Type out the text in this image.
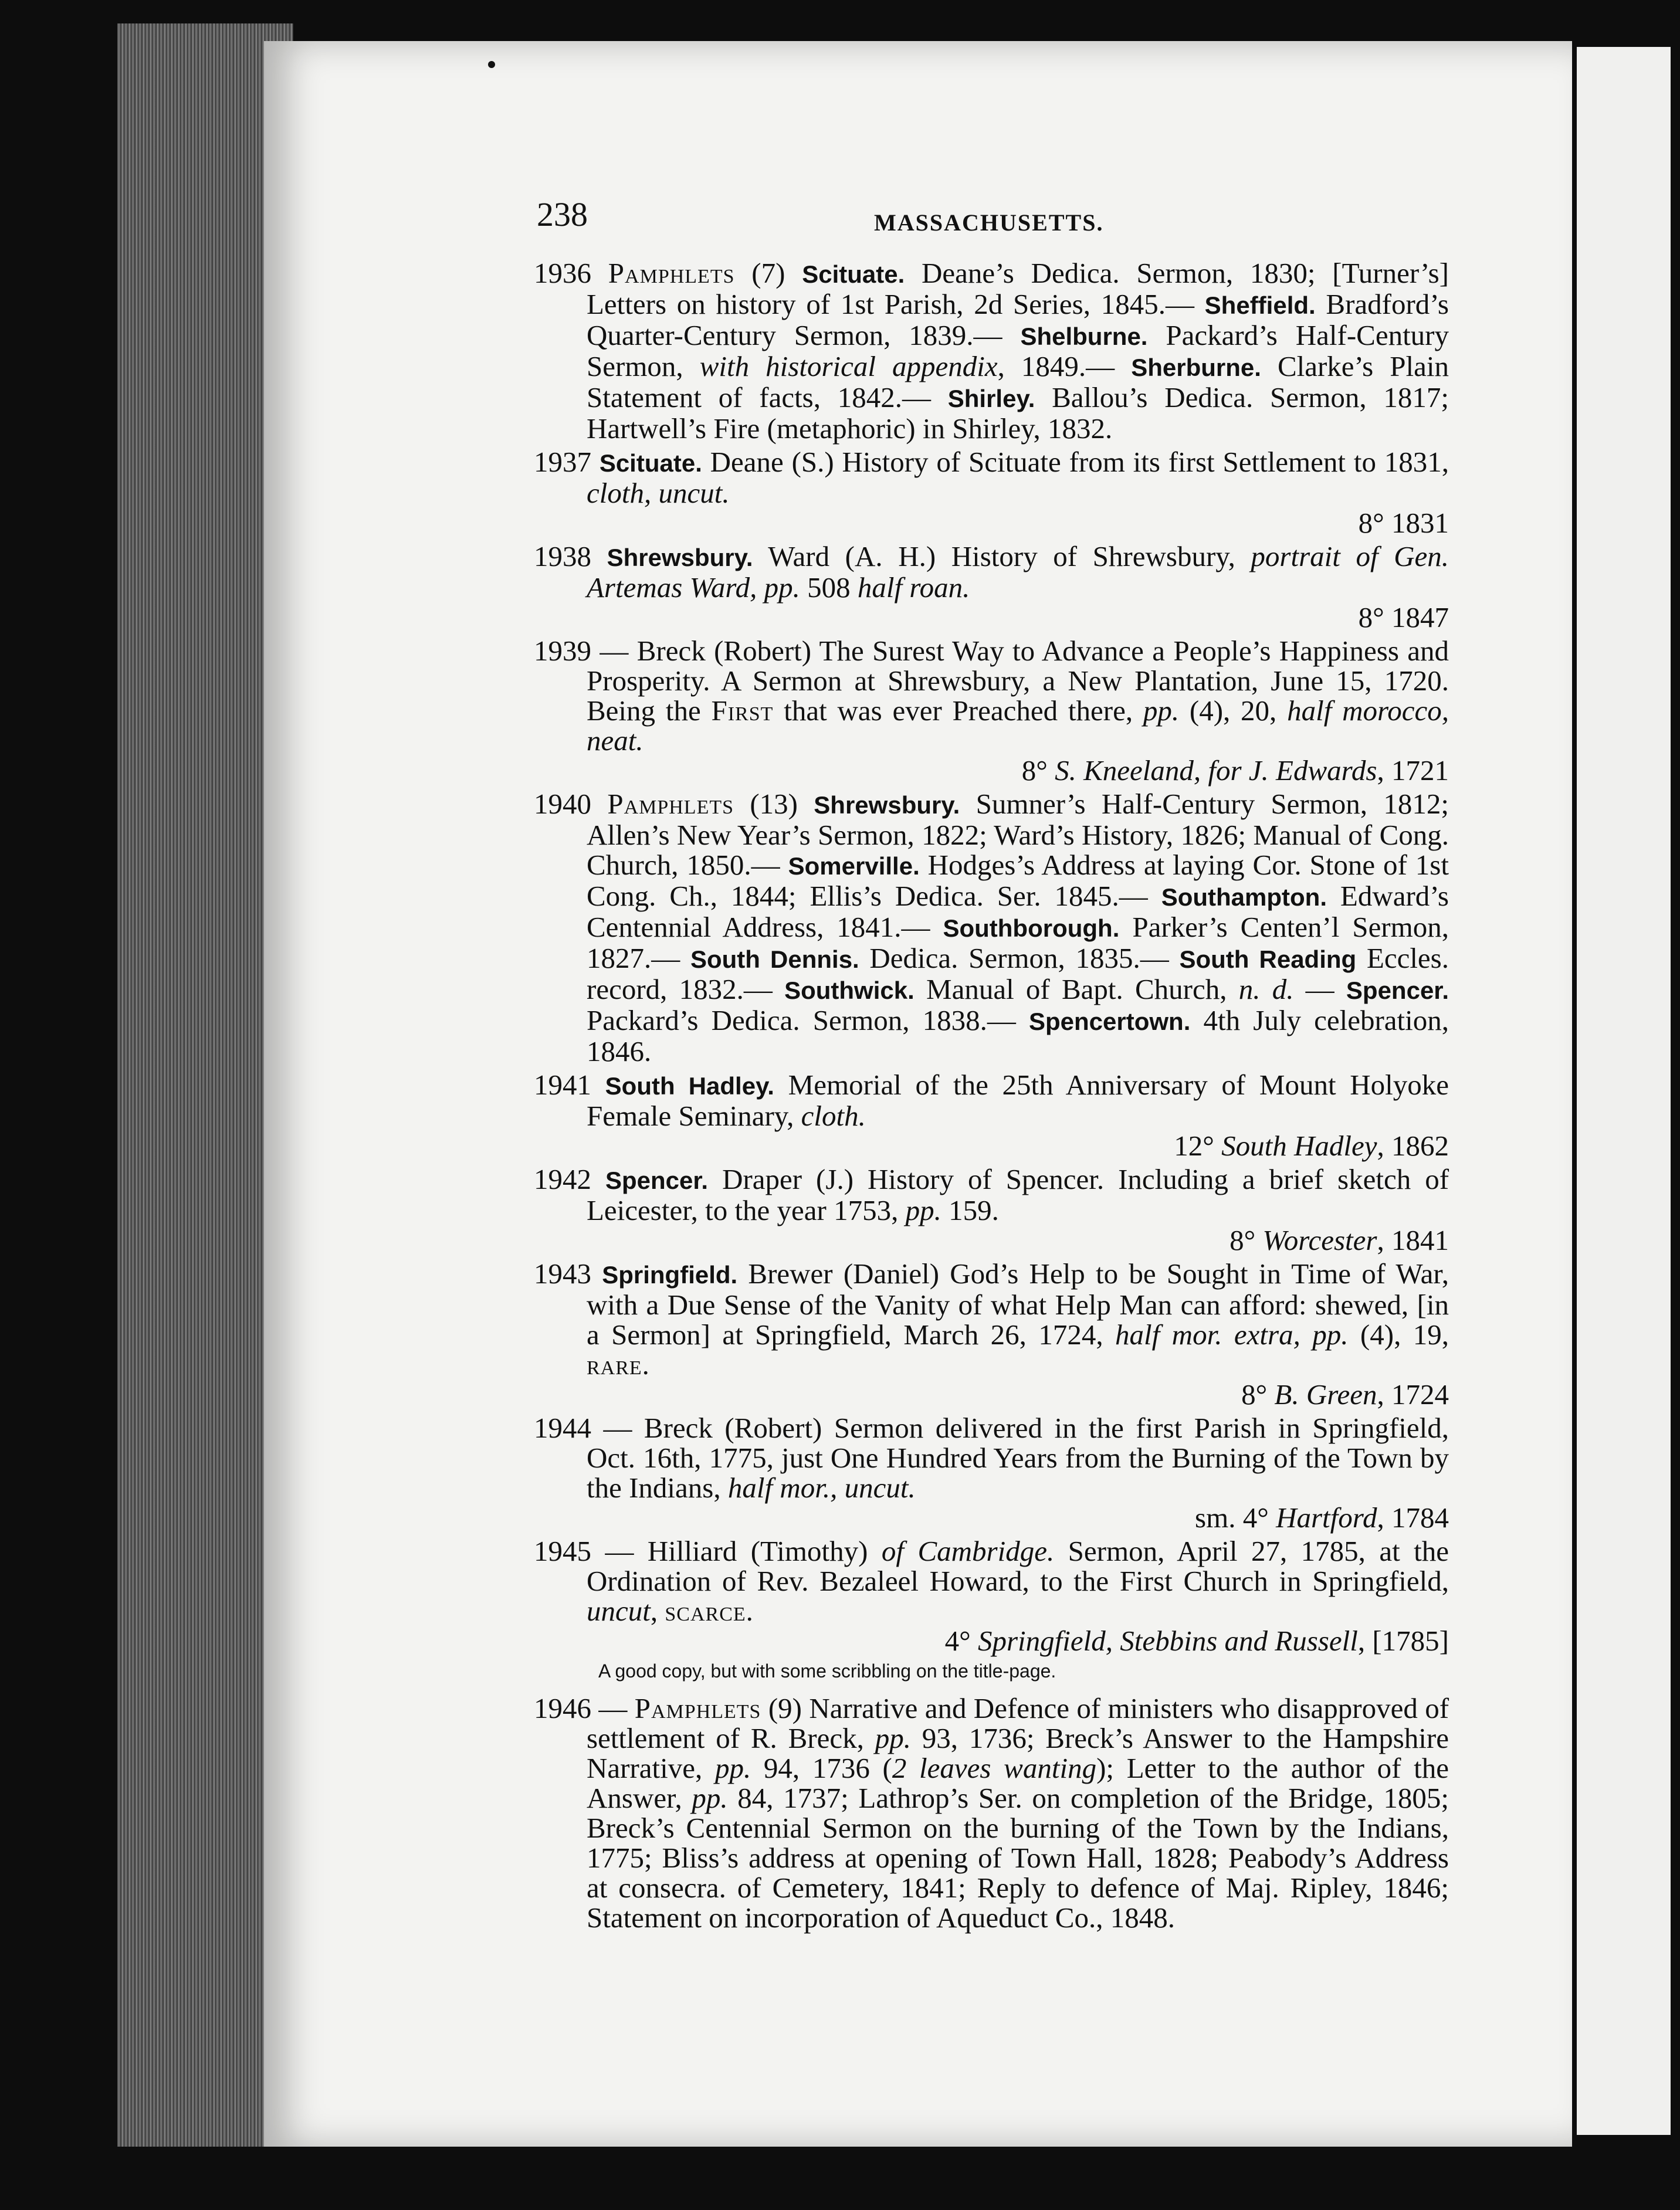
238	MASSACHUSETTS.

1936 Pamphlets (7) Scituate. Deane’s Dedica. Sermon, 1830; [Turner’s] Letters on history of 1st Parish, 2d Series, 1845.— Sheffield. Bradford’s Quarter-Century Sermon, 1839.— Shelburne. Packard’s Half-Century Sermon, with historical appendix, 1849.— Sherburne. Clarke’s Plain Statement of facts, 1842.— Shirley. Ballou’s Dedica. Sermon, 1817; Hartwell’s Fire (metaphoric) in Shirley, 1832.

1937 Scituate. Deane (S.) History of Scituate from its first Settlement to 1831, cloth, uncut.
8° 1831

1938 Shrewsbury. Ward (A. H.) History of Shrewsbury, portrait of Gen. Artemas Ward, pp. 508 half roan.
8° 1847

1939 — Breck (Robert) The Surest Way to Advance a People’s Happiness and Prosperity. A Sermon at Shrewsbury, a New Plantation, June 15, 1720. Being the First that was ever Preached there, pp. (4), 20, half morocco, neat.
8° S. Kneeland, for J. Edwards, 1721

1940 Pamphlets (13) Shrewsbury. Sumner’s Half-Century Sermon, 1812; Allen’s New Year’s Sermon, 1822; Ward’s History, 1826; Manual of Cong. Church, 1850.— Somerville. Hodges’s Address at laying Cor. Stone of 1st Cong. Ch., 1844; Ellis’s Dedica. Ser. 1845.— Southampton. Edward’s Centennial Address, 1841.— Southborough. Parker’s Centen’l Sermon, 1827.— South Dennis. Dedica. Sermon, 1835.— South Reading Eccles. record, 1832.— Southwick. Manual of Bapt. Church, n. d. — Spencer. Packard’s Dedica. Sermon, 1838.— Spencertown. 4th July celebration, 1846.

1941 South Hadley. Memorial of the 25th Anniversary of Mount Holyoke Female Seminary, cloth.
12° South Hadley, 1862

1942 Spencer. Draper (J.) History of Spencer. Including a brief sketch of Leicester, to the year 1753, pp. 159.
8° Worcester, 1841

1943 Springfield. Brewer (Daniel) God’s Help to be Sought in Time of War, with a Due Sense of the Vanity of what Help Man can afford: shewed, [in a Sermon] at Springfield, March 26, 1724, half mor. extra, pp. (4), 19, rare.
8° B. Green, 1724

1944 — Breck (Robert) Sermon delivered in the first Parish in Springfield, Oct. 16th, 1775, just One Hundred Years from the Burning of the Town by the Indians, half mor., uncut.
sm. 4° Hartford, 1784

1945 — Hilliard (Timothy) of Cambridge. Sermon, April 27, 1785, at the Ordination of Rev. Bezaleel Howard, to the First Church in Springfield, uncut, scarce.
4° Springfield, Stebbins and Russell, [1785]

A good copy, but with some scribbling on the title-page.

1946 — Pamphlets (9) Narrative and Defence of ministers who disapproved of settlement of R. Breck, pp. 93, 1736; Breck’s Answer to the Hampshire Narrative, pp. 94, 1736 (2 leaves wanting); Letter to the author of the Answer, pp. 84, 1737; Lathrop’s Ser. on completion of the Bridge, 1805; Breck’s Centennial Sermon on the burning of the Town by the Indians, 1775; Bliss’s address at opening of Town Hall, 1828; Peabody’s Address at consecra. of Cemetery, 1841; Reply to defence of Maj. Ripley, 1846; Statement on incorporation of Aqueduct Co., 1848.
